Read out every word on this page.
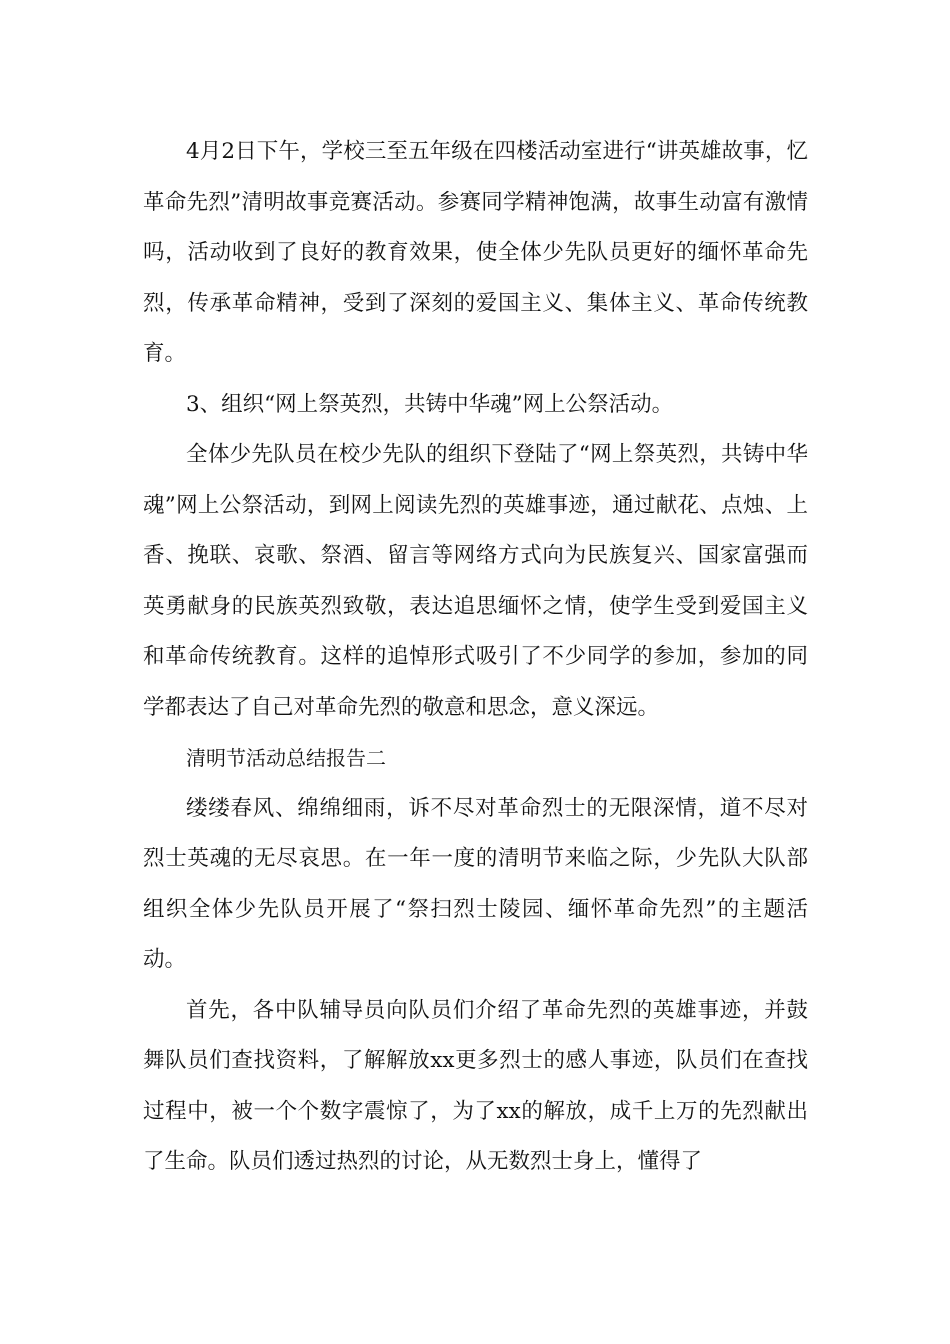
4月2日下午，学校三至五年级在四楼活动室进行“讲英雄故事，忆革命先烈”清明故事竞赛活动。参赛同学精神饱满，故事生动富有激情吗，活动收到了良好的教育效果，使全体少先队员更好的缅怀革命先烈，传承革命精神，受到了深刻的爱国主义、集体主义、革命传统教育。

3、组织“网上祭英烈，共铸中华魂”网上公祭活动。

全体少先队员在校少先队的组织下登陆了“网上祭英烈，共铸中华魂”网上公祭活动，到网上阅读先烈的英雄事迹，通过献花、点烛、上香、挽联、哀歌、祭酒、留言等网络方式向为民族复兴、国家富强而英勇献身的民族英烈致敬，表达追思缅怀之情，使学生受到爱国主义和革命传统教育。这样的追悼形式吸引了不少同学的参加，参加的同学都表达了自己对革命先烈的敬意和思念，意义深远。

清明节活动总结报告二

缕缕春风、绵绵细雨，诉不尽对革命烈士的无限深情，道不尽对烈士英魂的无尽哀思。在一年一度的清明节来临之际，少先队大队部组织全体少先队员开展了“祭扫烈士陵园、缅怀革命先烈”的主题活动。

首先，各中队辅导员向队员们介绍了革命先烈的英雄事迹，并鼓舞队员们查找资料，了解解放xx更多烈士的感人事迹，队员们在查找过程中，被一个个数字震惊了，为了xx的解放，成千上万的先烈献出了生命。队员们透过热烈的讨论，从无数烈士身上，懂得了
